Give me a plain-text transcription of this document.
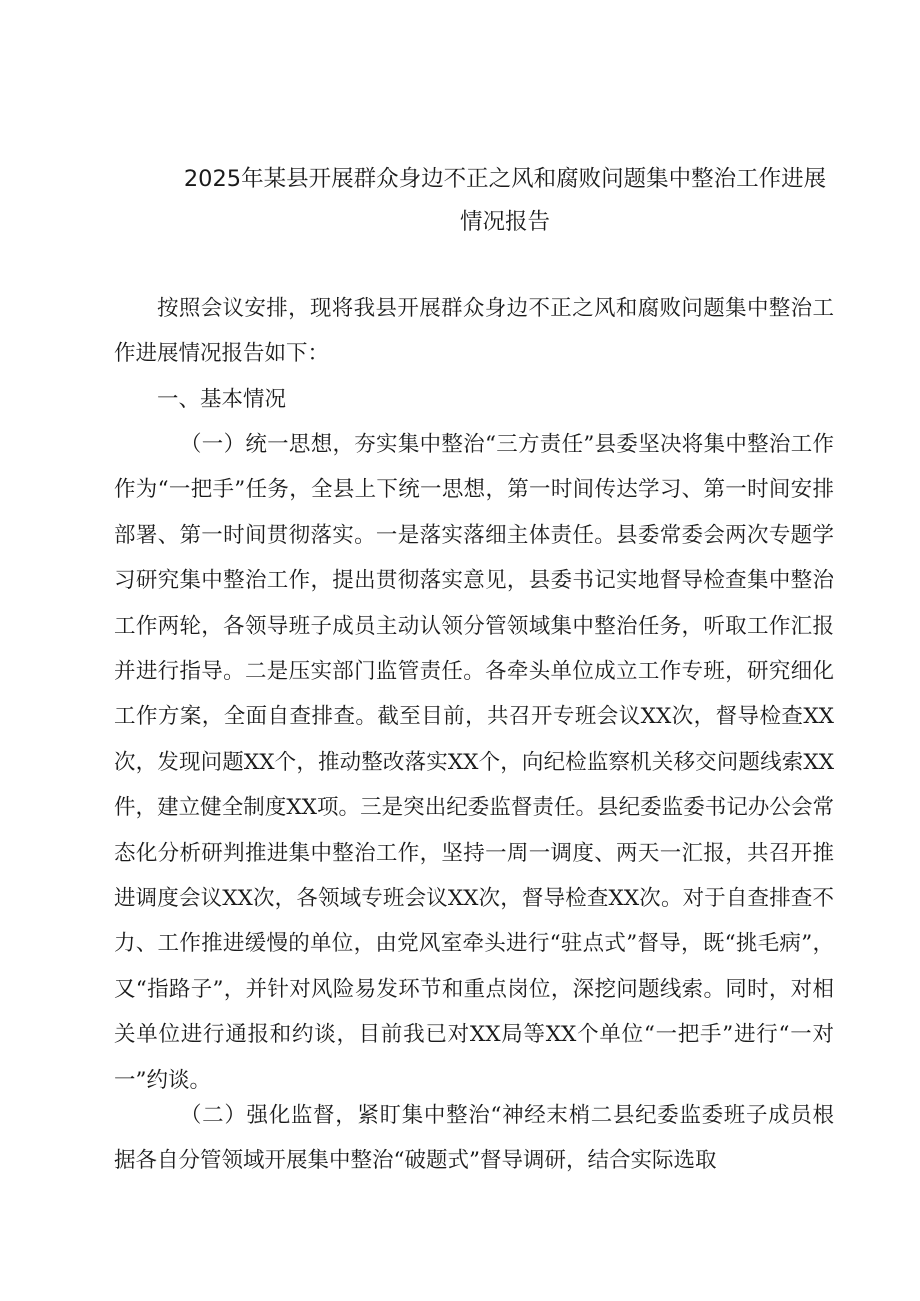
2025年某县开展群众身边不正之风和腐败问题集中整治工作进展
情况报告
按照会议安排，现将我县开展群众身边不正之风和腐败问题集中整治工作进展情况报告如下：
一、基本情况
（一）统一思想，夯实集中整治“三方责任”县委坚决将集中整治工作作为“一把手”任务，全县上下统一思想，第一时间传达学习、第一时间安排部署、第一时间贯彻落实。一是落实落细主体责任。县委常委会两次专题学习研究集中整治工作，提出贯彻落实意见，县委书记实地督导检查集中整治工作两轮，各领导班子成员主动认领分管领域集中整治任务，听取工作汇报并进行指导。二是压实部门监管责任。各牵头单位成立工作专班，研究细化工作方案，全面自查排查。截至目前，共召开专班会议XX次，督导检查XX次，发现问题XX个，推动整改落实XX个，向纪检监察机关移交问题线索XX件，建立健全制度XX项。三是突出纪委监督责任。县纪委监委书记办公会常态化分析研判推进集中整治工作，坚持一周一调度、两天一汇报，共召开推进调度会议XX次，各领域专班会议XX次，督导检查XX次。对于自查排查不力、工作推进缓慢的单位，由党风室牵头进行“驻点式”督导，既“挑毛病”，又“指路子”，并针对风险易发环节和重点岗位，深挖问题线索。同时，对相关单位进行通报和约谈，目前我已对XX局等XX个单位“一把手”进行“一对一”约谈。
（二）强化监督，紧盯集中整治“神经末梢二县纪委监委班子成员根据各自分管领域开展集中整治“破题式”督导调研，结合实际选取
